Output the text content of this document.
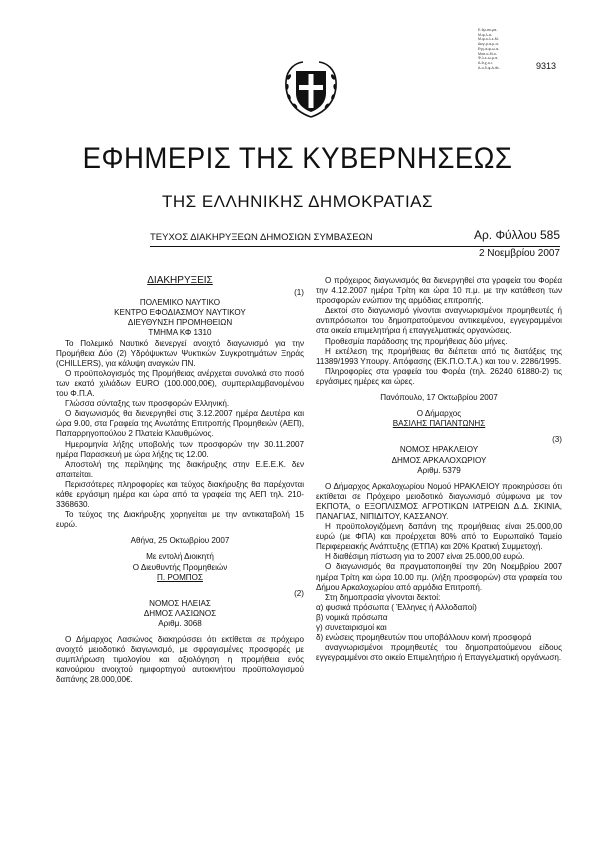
Ε-θμ-σκ-μα-
Μ-φ-λ-α-
Μ-φ-ο-λ-ε-Μ-
Διεγ-ρ-α-μ-α-
Εγγ-α-φ-ω-α-
Μοσ-ο-Μ-ο-
Φ-λ-ε-ω-μ-α-
Α-θ-χ-ο-ι-
Α-ο-δ-φ-Α-θε-	9313
ΕΦΗΜΕΡΙΣ ΤΗΣ ΚΥΒΕΡΝΗΣΕΩΣ
ΤΗΣ ΕΛΛΗΝΙΚΗΣ ΔΗΜΟΚΡΑΤΙΑΣ
ΤΕΥΧΟΣ ΔΙΑΚΗΡΥΞΕΩΝ ΔΗΜΟΣΙΩΝ ΣΥΜΒΑΣΕΩΝ	Αρ. Φύλλου 585
2 Νοεμβρίου 2007
ΔΙΑΚΗΡΥΞΕΙΣ
(1)
ΠΟΛΕΜΙΚΟ ΝΑΥΤΙΚΟ
ΚΕΝΤΡΟ ΕΦΟΔΙΑΣΜΟΥ ΝΑΥΤΙΚΟΥ
ΔΙΕΥΘΥΝΣΗ ΠΡΟΜΗΘΕΙΩΝ
ΤΜΗΜΑ ΚΦ 1310
Το Πολεμικό Ναυτικό διενεργεί ανοιχτό διαγωνισμό για την Προμήθεια Δύο (2) Υδρόψυκτων Ψυκτικών Συγκροτημάτων Ξηράς (CHILLERS), για κάλυψη αναγκών ΠΝ.
Ο προϋπολογισμός της Προμήθειας ανέρχεται συνολικά στο ποσό των εκατό χιλιάδων EURO (100.000,00€), συμπεριλαμβανομένου του Φ.Π.Α.
Γλώσσα σύνταξης των προσφορών Ελληνική.
Ο διαγωνισμός θα διενεργηθεί στις 3.12.2007 ημέρα Δευτέρα και ώρα 9.00, στα Γραφεία της Ανωτάτης Επιτροπής Προμηθειών (ΑΕΠ), Παπαρρηγοπούλου 2 Πλατεία Κλαυθμώνος.
Ημερομηνία λήξης υποβολής των προσφορών την 30.11.2007 ημέρα Παρασκευή με ώρα λήξης τις 12.00.
Αποστολή της περίληψης της διακήρυξης στην Ε.Ε.Ε.Κ. δεν απαιτείται.
Περισσότερες πληροφορίες και τεύχος διακήρυξης θα παρέχονται κάθε εργάσιμη ημέρα και ώρα από τα γραφεία της ΑΕΠ τηλ. 210-3368630.
Το τεύχος της Διακήρυξης χορηγείται με την αντικαταβολή 15 ευρώ.
Αθήνα, 25 Οκτωβρίου 2007
Με εντολή Διοικητή
Ο Διευθυντής Προμηθειών
Π. ΡΟΜΠΟΣ
(2)
ΝΟΜΟΣ ΗΛΕΙΑΣ
ΔΗΜΟΣ ΛΑΣΙΩΝΟΣ
Αριθμ. 3068
Ο Δήμαρχος Λασιώνος διακηρύσσει ότι εκτίθεται σε πρόχειρο ανοιχτό μειοδοτικό διαγωνισμό, με σφραγισμένες προσφορές με συμπλήρωση τιμολογίου και αξιολόγηση η προμήθεια ενός καινούριου ανοιχτού ημιφορτηγού αυτοκινήτου προϋπολογισμού δαπάνης 28.000,00€.
Ο πρόχειρος διαγωνισμός θα διενεργηθεί στα γραφεία του Φορέα την 4.12.2007 ημέρα Τρίτη και ώρα 10 π.μ. με την κατάθεση των προσφορών ενώπιον της αρμόδιας επιτροπής.
Δεκτοί στο διαγωνισμό γίνονται αναγνωρισμένοι προμηθευτές ή αντιπρόσωποι του δημοπρατούμενου αντικειμένου, εγγεγραμμένοι στα οικεία επιμελητήρια ή επαγγελματικές οργανώσεις.
Προθεσμία παράδοσης της προμήθειας δύο μήνες.
Η εκτέλεση της προμήθειας θα διέπεται από τις διατάξεις της 11389/1993 Υπουργ. Απόφασης (ΕΚ.Π.Ο.Τ.Α.) και του ν. 2286/1995.
Πληροφορίες στα γραφεία του Φορέα (τηλ. 26240 61880-2) τις εργάσιμες ημέρες και ώρες.
Πανόπουλο, 17 Οκτωβρίου 2007
Ο Δήμαρχος
ΒΑΣΙΛΗΣ ΠΑΠΑΝΤΩΝΗΣ
(3)
ΝΟΜΟΣ ΗΡΑΚΛΕΙΟΥ
ΔΗΜΟΣ ΑΡΚΑΛΟΧΩΡΙΟΥ
Αριθμ. 5379
Ο Δήμαρχος Αρκαλοχωρίου Νομού ΗΡΑΚΛΕΙΟΥ προκηρύσσει ότι εκτίθεται σε Πρόχειρο μειοδοτικό διαγωνισμό σύμφωνα με τον ΕΚΠΟΤΑ, ο ΕΞΟΠΛΙΣΜΟΣ ΑΓΡΟΤΙΚΩΝ ΙΑΤΡΕΙΩΝ Δ.Δ. ΣΚΙΝΙΑ, ΠΑΝΑΓΙΑΣ, ΝΙΠΙΔΙΤΟΥ, ΚΑΣΣΑΝΟΥ.
Η προϋπολογιζόμενη δαπάνη της προμήθειας είναι 25.000,00 ευρώ (με ΦΠΑ) και προέρχεται 80% από το Ευρωπαϊκό Ταμείο Περιφερειακής Ανάπτυξης (ΕΤΠΑ) και 20% Κρατική Συμμετοχή.
Η διαθέσιμη πίστωση για το 2007 είναι 25.000,00 ευρώ.
Ο διαγωνισμός θα πραγματοποιηθεί την 20η Νοεμβρίου 2007 ημέρα Τρίτη και ώρα 10.00 πμ. (λήξη προσφορών) στα γραφεία του Δήμου Αρκαλοχωρίου από αρμόδια Επιτροπή.
Στη δημοπρασία γίνονται δεκτοί:
α) φυσικά πρόσωπα ( Έλληνες ή Αλλοδαποί)
β) νομικά πρόσωπα
γ) συνεταιρισμοί και
δ) ενώσεις προμηθευτών που υποβάλλουν κοινή προσφορά
αναγνωρισμένοι προμηθευτές του δημοπρατούμενου είδους εγγεγραμμένοι στο οικείο Επιμελητήριο ή Επαγγελματική οργάνωση.
